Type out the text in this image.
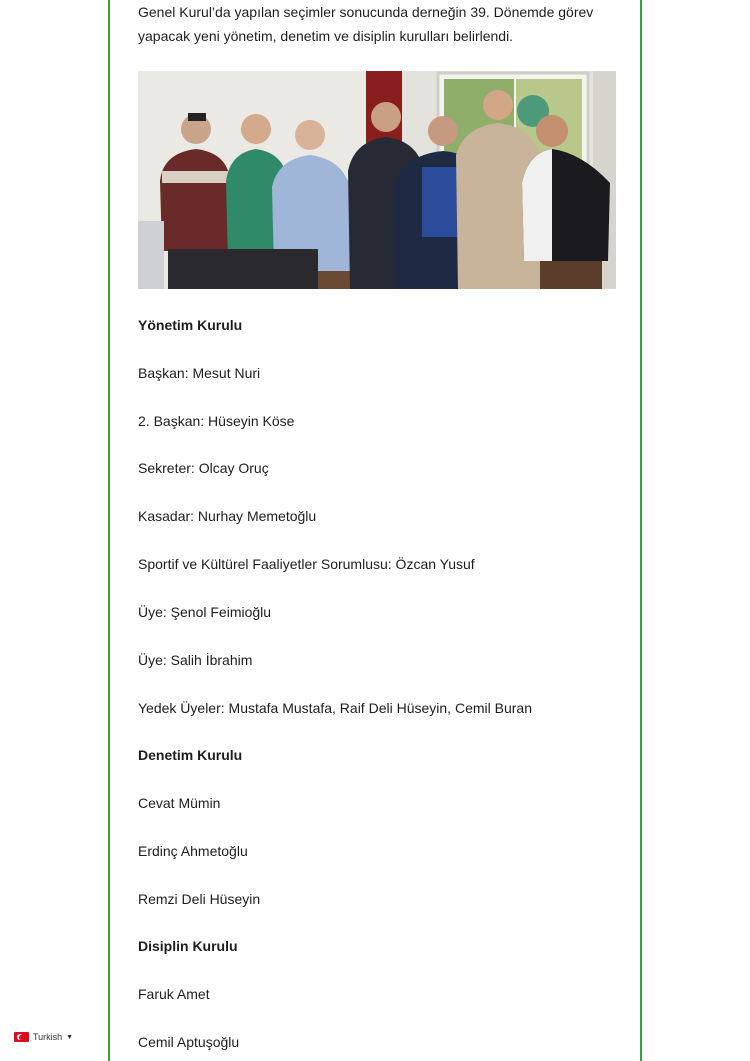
Genel Kurul’da yapılan seçimler sonucunda derneğin 39. Dönemde görev yapacak yeni yönetim, denetim ve disiplin kurulları belirlendi.

Yönetim Kurulu

Başkan: Mesut Nuri

2. Başkan: Hüseyin Köse

Sekreter: Olcay Oruç

Kasadar: Nurhay Memetoğlu

Sportif ve Kültürel Faaliyetler Sorumlusu: Özcan Yusuf

Üye: Şenol Feimioğlu

Üye: Salih İbrahim

Yedek Üyeler: Mustafa Mustafa, Raif Deli Hüseyin, Cemil Buran

Denetim Kurulu

Cevat Mümin

Erdinç Ahmetoğlu

Remzi Deli Hüseyin

Disiplin Kurulu

Faruk Amet

Cemil Aptuşoğlu

Turkish ▼
